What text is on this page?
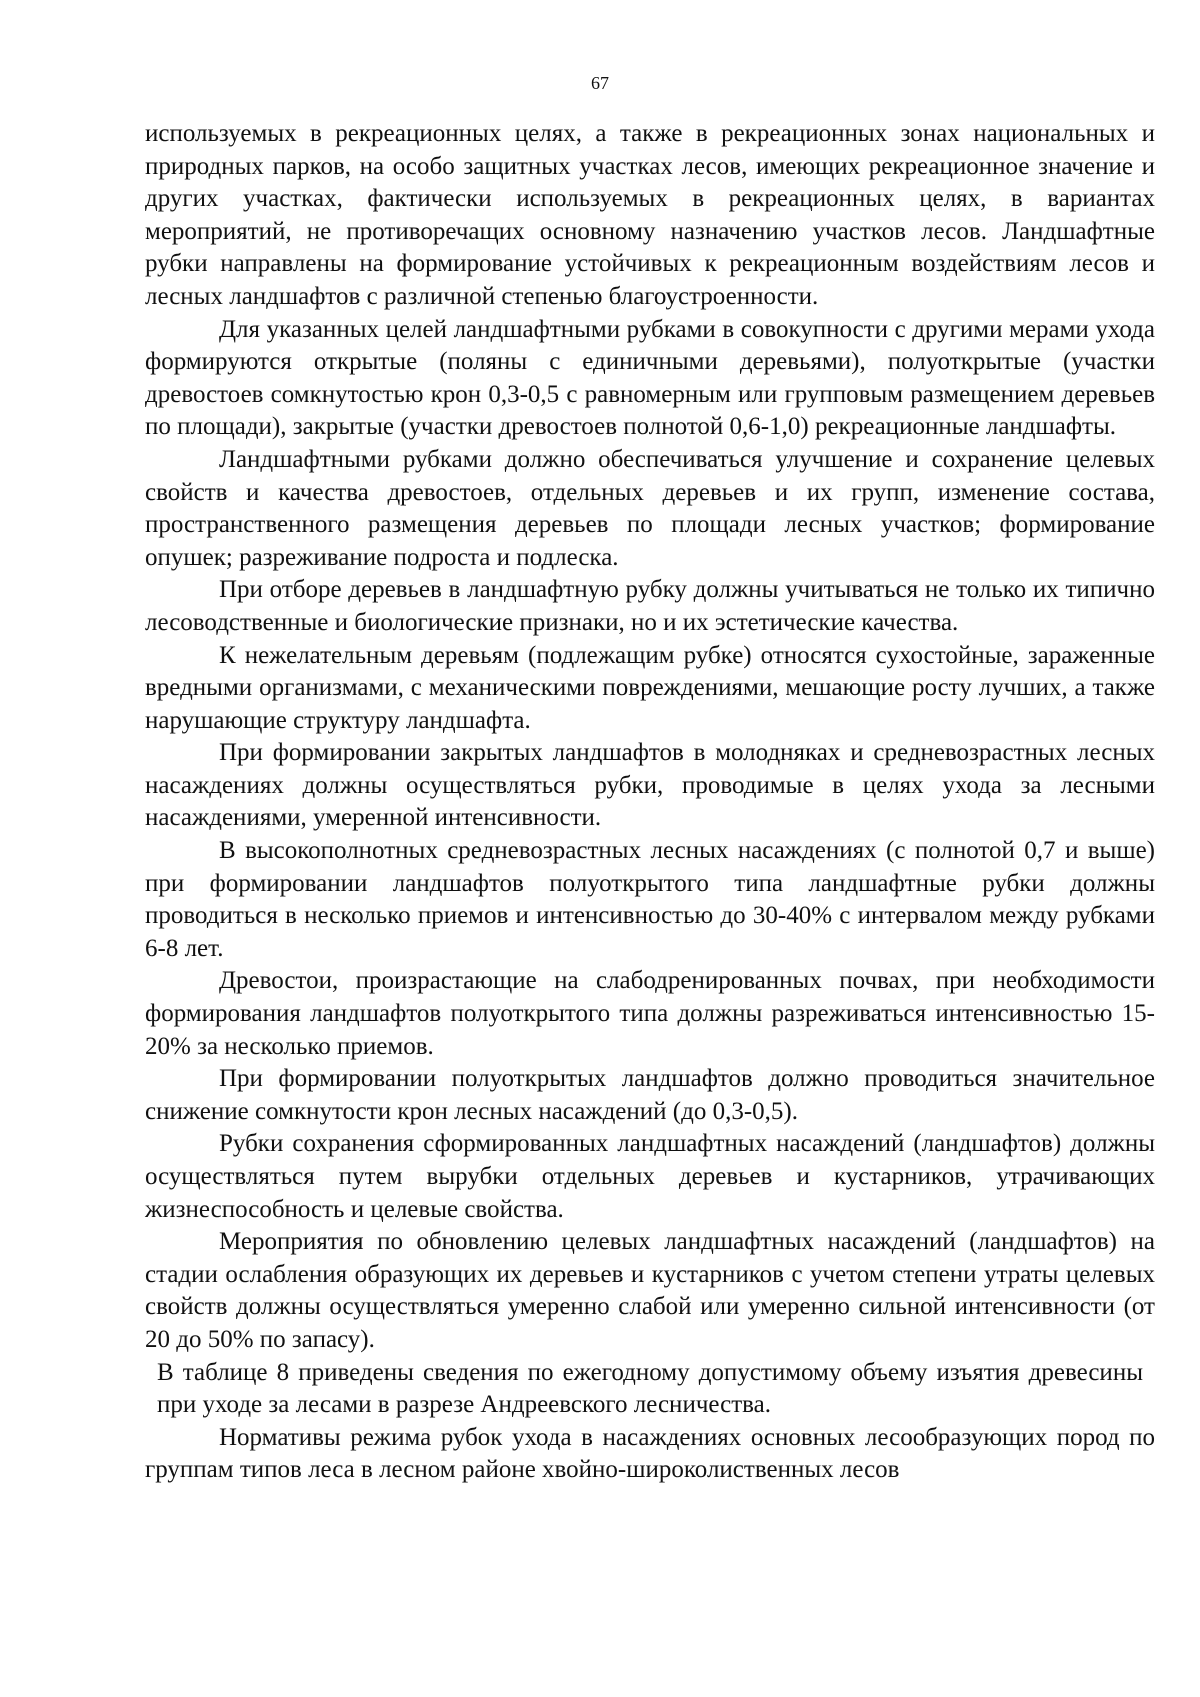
67

используемых в рекреационных целях, а также в рекреационных зонах национальных и природных парков, на особо защитных участках лесов, имеющих рекреационное значение и других участках, фактически используемых в рекреационных целях, в вариантах мероприятий, не противоречащих основному назначению участков лесов. Ландшафтные рубки направлены на формирование устойчивых к рекреационным воздействиям лесов и лесных ландшафтов с различной степенью благоустроенности.

Для указанных целей ландшафтными рубками в совокупности с другими мерами ухода формируются открытые (поляны с единичными деревьями), полуоткрытые (участки древостоев сомкнутостью крон 0,3-0,5 с равномерным или групповым размещением деревьев по площади), закрытые (участки древостоев полнотой 0,6-1,0) рекреационные ландшафты.

Ландшафтными рубками должно обеспечиваться улучшение и сохранение целевых свойств и качества древостоев, отдельных деревьев и их групп, изменение состава, пространственного размещения деревьев по площади лесных участков; формирование опушек; разреживание подроста и подлеска.

При отборе деревьев в ландшафтную рубку должны учитываться не только их типично лесоводственные и биологические признаки, но и их эстетические качества.

К нежелательным деревьям (подлежащим рубке) относятся сухостойные, зараженные вредными организмами, с механическими повреждениями, мешающие росту лучших, а также нарушающие структуру ландшафта.

При формировании закрытых ландшафтов в молодняках и средневозрастных лесных насаждениях должны осуществляться рубки, проводимые в целях ухода за лесными насаждениями, умеренной интенсивности.

В высокополнотных средневозрастных лесных насаждениях (с полнотой 0,7 и выше) при формировании ландшафтов полуоткрытого типа ландшафтные рубки должны проводиться в несколько приемов и интенсивностью до 30-40% с интервалом между рубками 6-8 лет.

Древостои, произрастающие на слабодренированных почвах, при необходимости формирования ландшафтов полуоткрытого типа должны разреживаться интенсивностью 15-20% за несколько приемов.

При формировании полуоткрытых ландшафтов должно проводиться значительное снижение сомкнутости крон лесных насаждений (до 0,3-0,5).

Рубки сохранения сформированных ландшафтных насаждений (ландшафтов) должны осуществляться путем вырубки отдельных деревьев и кустарников, утрачивающих жизнеспособность и целевые свойства.

Мероприятия по обновлению целевых ландшафтных насаждений (ландшафтов) на стадии ослабления образующих их деревьев и кустарников с учетом степени утраты целевых свойств должны осуществляться умеренно слабой или умеренно сильной интенсивности (от 20 до 50% по запасу).

В таблице 8 приведены сведения по ежегодному допустимому объему изъятия древесины при уходе за лесами в разрезе Андреевского лесничества.

Нормативы режима рубок ухода в насаждениях основных лесообразующих пород по группам типов леса в лесном районе хвойно-широколиственных лесов
